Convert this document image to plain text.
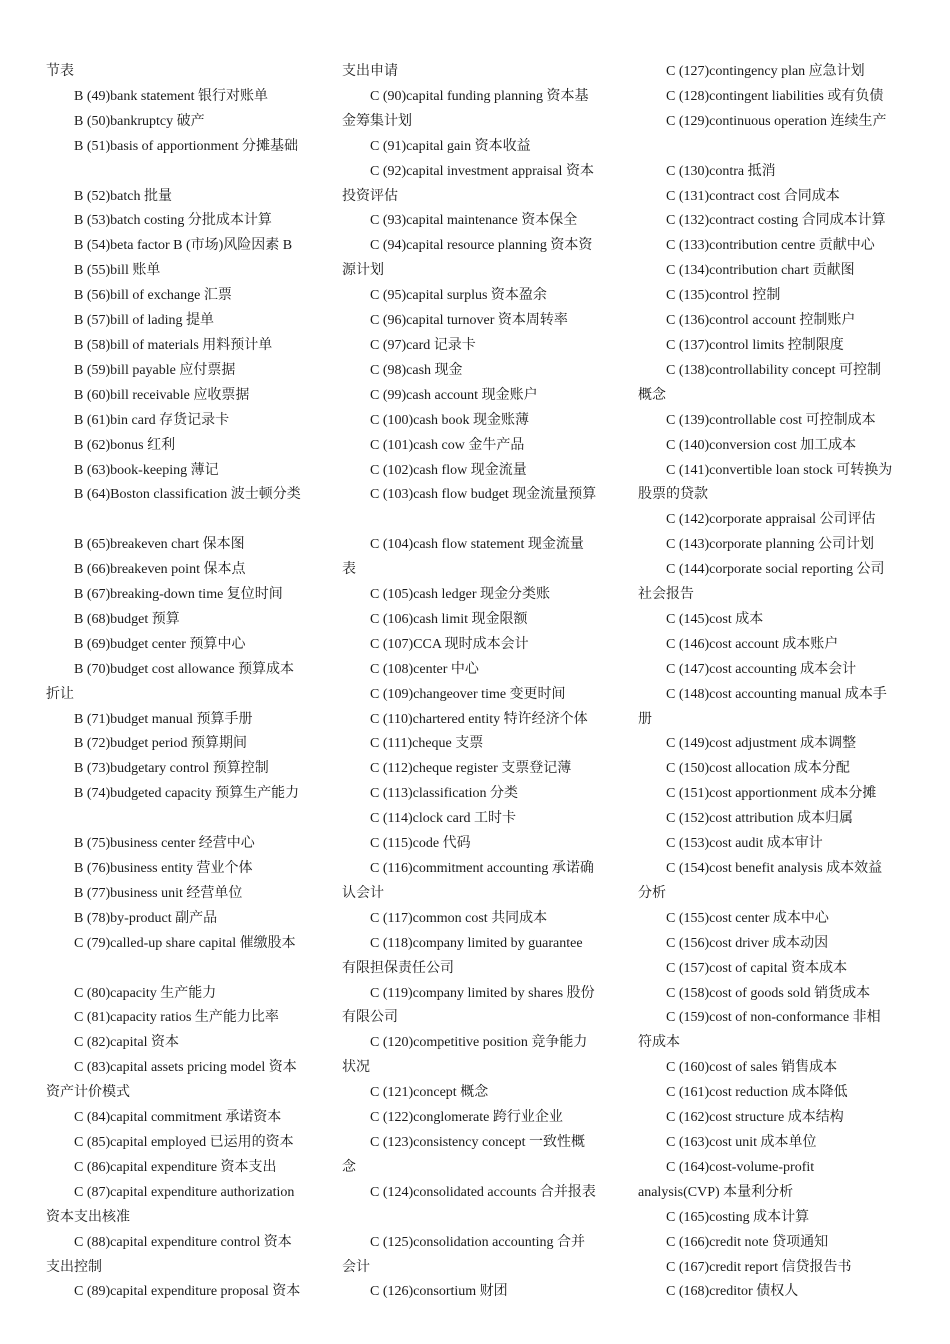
节表

B (49)bank statement 银行对账单

B (50)bankruptcy 破产

B (51)basis of apportionment 分摊基础

B (52)batch 批量

B (53)batch costing 分批成本计算

B (54)beta factor B (市场)风险因素 B

B (55)bill 账单

B (56)bill of exchange 汇票

B (57)bill of lading 提单

B (58)bill of materials 用料预计单

B (59)bill payable 应付票据

B (60)bill receivable 应收票据

B (61)bin card 存货记录卡

B (62)bonus 红利

B (63)book-keeping 薄记

B (64)Boston classification 波士顿分类

B (65)breakeven chart 保本图

B (66)breakeven point 保本点

B (67)breaking-down time 复位时间

B (68)budget 预算

B (69)budget center 预算中心

B (70)budget cost allowance 预算成本

折让

B (71)budget manual 预算手册

B (72)budget period 预算期间

B (73)budgetary control 预算控制

B (74)budgeted capacity 预算生产能力

B (75)business center 经营中心

B (76)business entity 营业个体

B (77)business unit 经营单位

B (78)by-product 副产品

C (79)called-up share capital 催缴股本

C (80)capacity 生产能力

C (81)capacity ratios 生产能力比率

C (82)capital 资本

C (83)capital assets pricing model 资本

资产计价模式

C (84)capital commitment 承诺资本

C (85)capital employed 已运用的资本

C (86)capital expenditure 资本支出

C (87)capital expenditure authorization

资本支出核准

C (88)capital expenditure control 资本

支出控制

C (89)capital expenditure proposal 资本

支出申请

C (90)capital funding planning 资本基

金筹集计划

C (91)capital gain 资本收益

C (92)capital investment appraisal 资本

投资评估

C (93)capital maintenance 资本保全

C (94)capital resource planning 资本资

源计划

C (95)capital surplus 资本盈余

C (96)capital turnover 资本周转率

C (97)card 记录卡

C (98)cash 现金

C (99)cash account 现金账户

C (100)cash book 现金账薄

C (101)cash cow 金牛产品

C (102)cash flow 现金流量

C (103)cash flow budget 现金流量预算

C (104)cash flow statement 现金流量

表

C (105)cash ledger 现金分类账

C (106)cash limit 现金限额

C (107)CCA 现时成本会计

C (108)center 中心

C (109)changeover time 变更时间

C (110)chartered entity 特许经济个体

C (111)cheque 支票

C (112)cheque register 支票登记薄

C (113)classification 分类

C (114)clock card 工时卡

C (115)code 代码

C (116)commitment accounting 承诺确

认会计

C (117)common cost 共同成本

C (118)company limited by guarantee

有限担保责任公司

C (119)company limited by shares 股份

有限公司

C (120)competitive position 竞争能力

状况

C (121)concept 概念

C (122)conglomerate 跨行业企业

C (123)consistency concept 一致性概

念

C (124)consolidated accounts 合并报表

C (125)consolidation accounting 合并

会计

C (126)consortium 财团

C (127)contingency plan 应急计划

C (128)contingent liabilities 或有负债

C (129)continuous operation 连续生产

C (130)contra 抵消

C (131)contract cost 合同成本

C (132)contract costing 合同成本计算

C (133)contribution centre 贡献中心

C (134)contribution chart 贡献图

C (135)control 控制

C (136)control account 控制账户

C (137)control limits 控制限度

C (138)controllability concept 可控制

概念

C (139)controllable cost 可控制成本

C (140)conversion cost 加工成本

C (141)convertible loan stock 可转换为

股票的贷款

C (142)corporate appraisal 公司评估

C (143)corporate planning 公司计划

C (144)corporate social reporting 公司

社会报告

C (145)cost 成本

C (146)cost account 成本账户

C (147)cost accounting 成本会计

C (148)cost accounting manual 成本手

册

C (149)cost adjustment 成本调整

C (150)cost allocation 成本分配

C (151)cost apportionment 成本分摊

C (152)cost attribution 成本归属

C (153)cost audit 成本审计

C (154)cost benefit analysis 成本效益

分析

C (155)cost center 成本中心

C (156)cost driver 成本动因

C (157)cost of capital 资本成本

C (158)cost of goods sold 销货成本

C (159)cost of non-conformance 非相

符成本

C (160)cost of sales 销售成本

C (161)cost reduction 成本降低

C (162)cost structure 成本结构

C (163)cost unit 成本单位

C (164)cost-volume-profit

analysis(CVP) 本量利分析

C (165)costing 成本计算

C (166)credit note 贷项通知

C (167)credit report 信贷报告书

C (168)creditor 债权人
